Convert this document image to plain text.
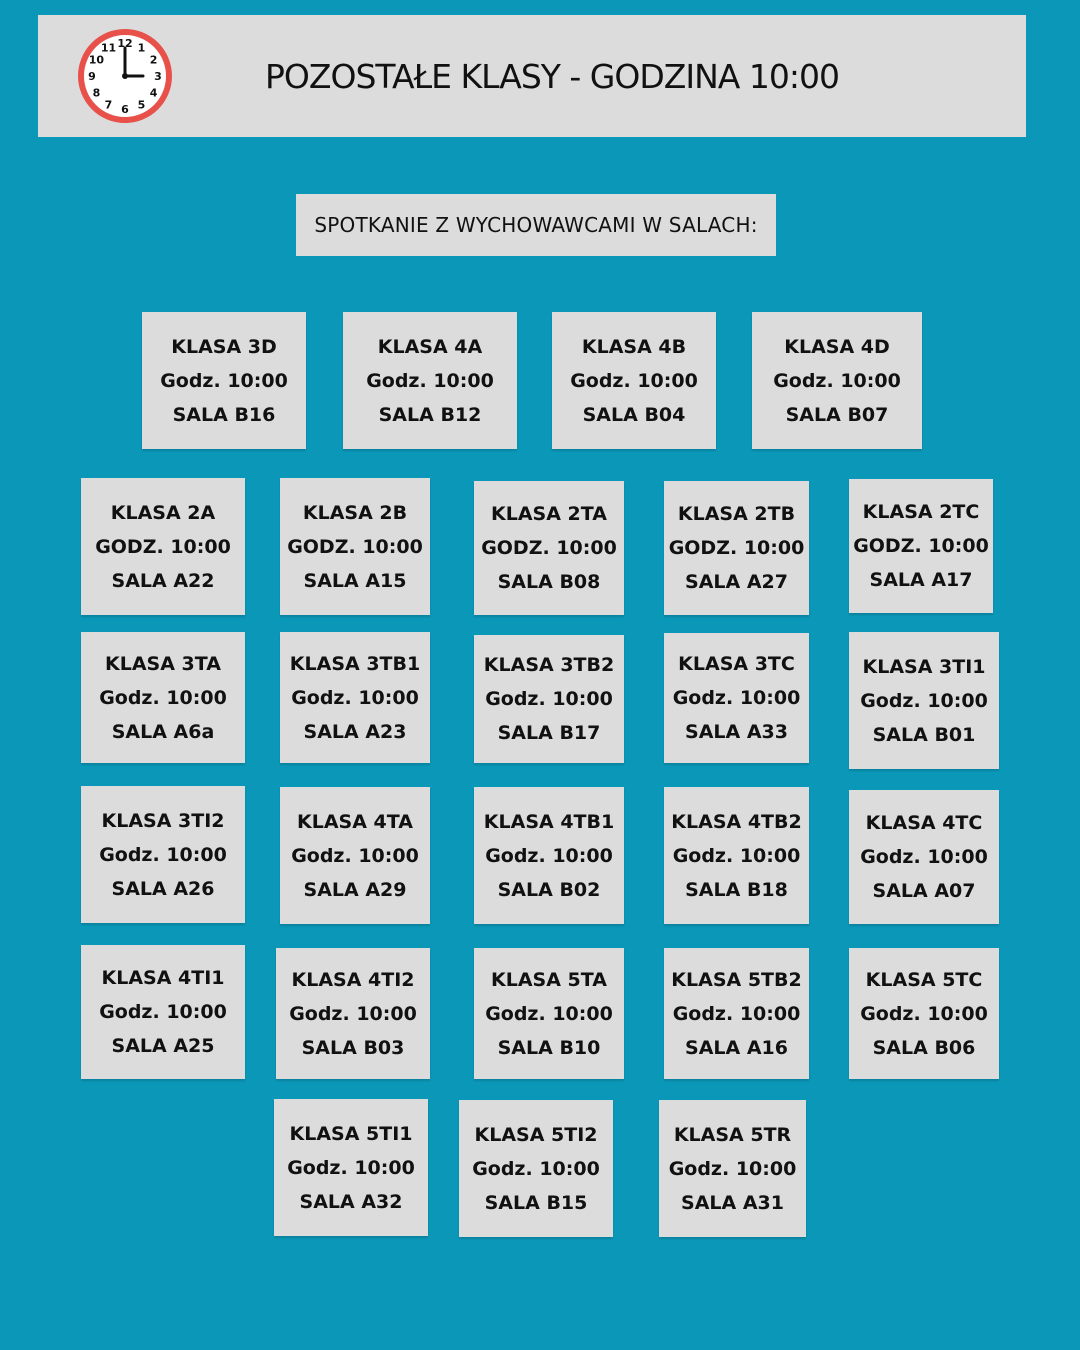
12 1
2
3
4
5
6
7
8
9
10
11
POZOSTAŁE KLASY - GODZINA 10:00
SPOTKANIE Z WYCHOWAWCAMI W SALACH:
KLASA 3D
Godz. 10:00
SALA B16
KLASA 4A
Godz. 10:00
SALA B12
KLASA 4B
Godz. 10:00
SALA B04
KLASA 4D
Godz. 10:00
SALA B07
KLASA 2A
GODZ. 10:00
SALA A22
KLASA 2B
GODZ. 10:00
SALA A15
KLASA 2TA
GODZ. 10:00
SALA B08
KLASA 2TB
GODZ. 10:00
SALA A27
KLASA 2TC
GODZ. 10:00
SALA A17
KLASA 3TA
Godz. 10:00
SALA A6a
KLASA 3TB1
Godz. 10:00
SALA A23
KLASA 3TB2
Godz. 10:00
SALA B17
KLASA 3TC
Godz. 10:00
SALA A33
KLASA 3TI1
Godz. 10:00
SALA B01
KLASA 3TI2
Godz. 10:00
SALA A26
KLASA 4TA
Godz. 10:00
SALA A29
KLASA 4TB1
Godz. 10:00
SALA B02
KLASA 4TB2
Godz. 10:00
SALA B18
KLASA 4TC
Godz. 10:00
SALA A07
KLASA 4TI1
Godz. 10:00
SALA A25
KLASA 4TI2
Godz. 10:00
SALA B03
KLASA 5TA
Godz. 10:00
SALA B10
KLASA 5TB2
Godz. 10:00
SALA A16
KLASA 5TC
Godz. 10:00
SALA B06
KLASA 5TI1
Godz. 10:00
SALA A32
KLASA 5TI2
Godz. 10:00
SALA B15
KLASA 5TR
Godz. 10:00
SALA A31
